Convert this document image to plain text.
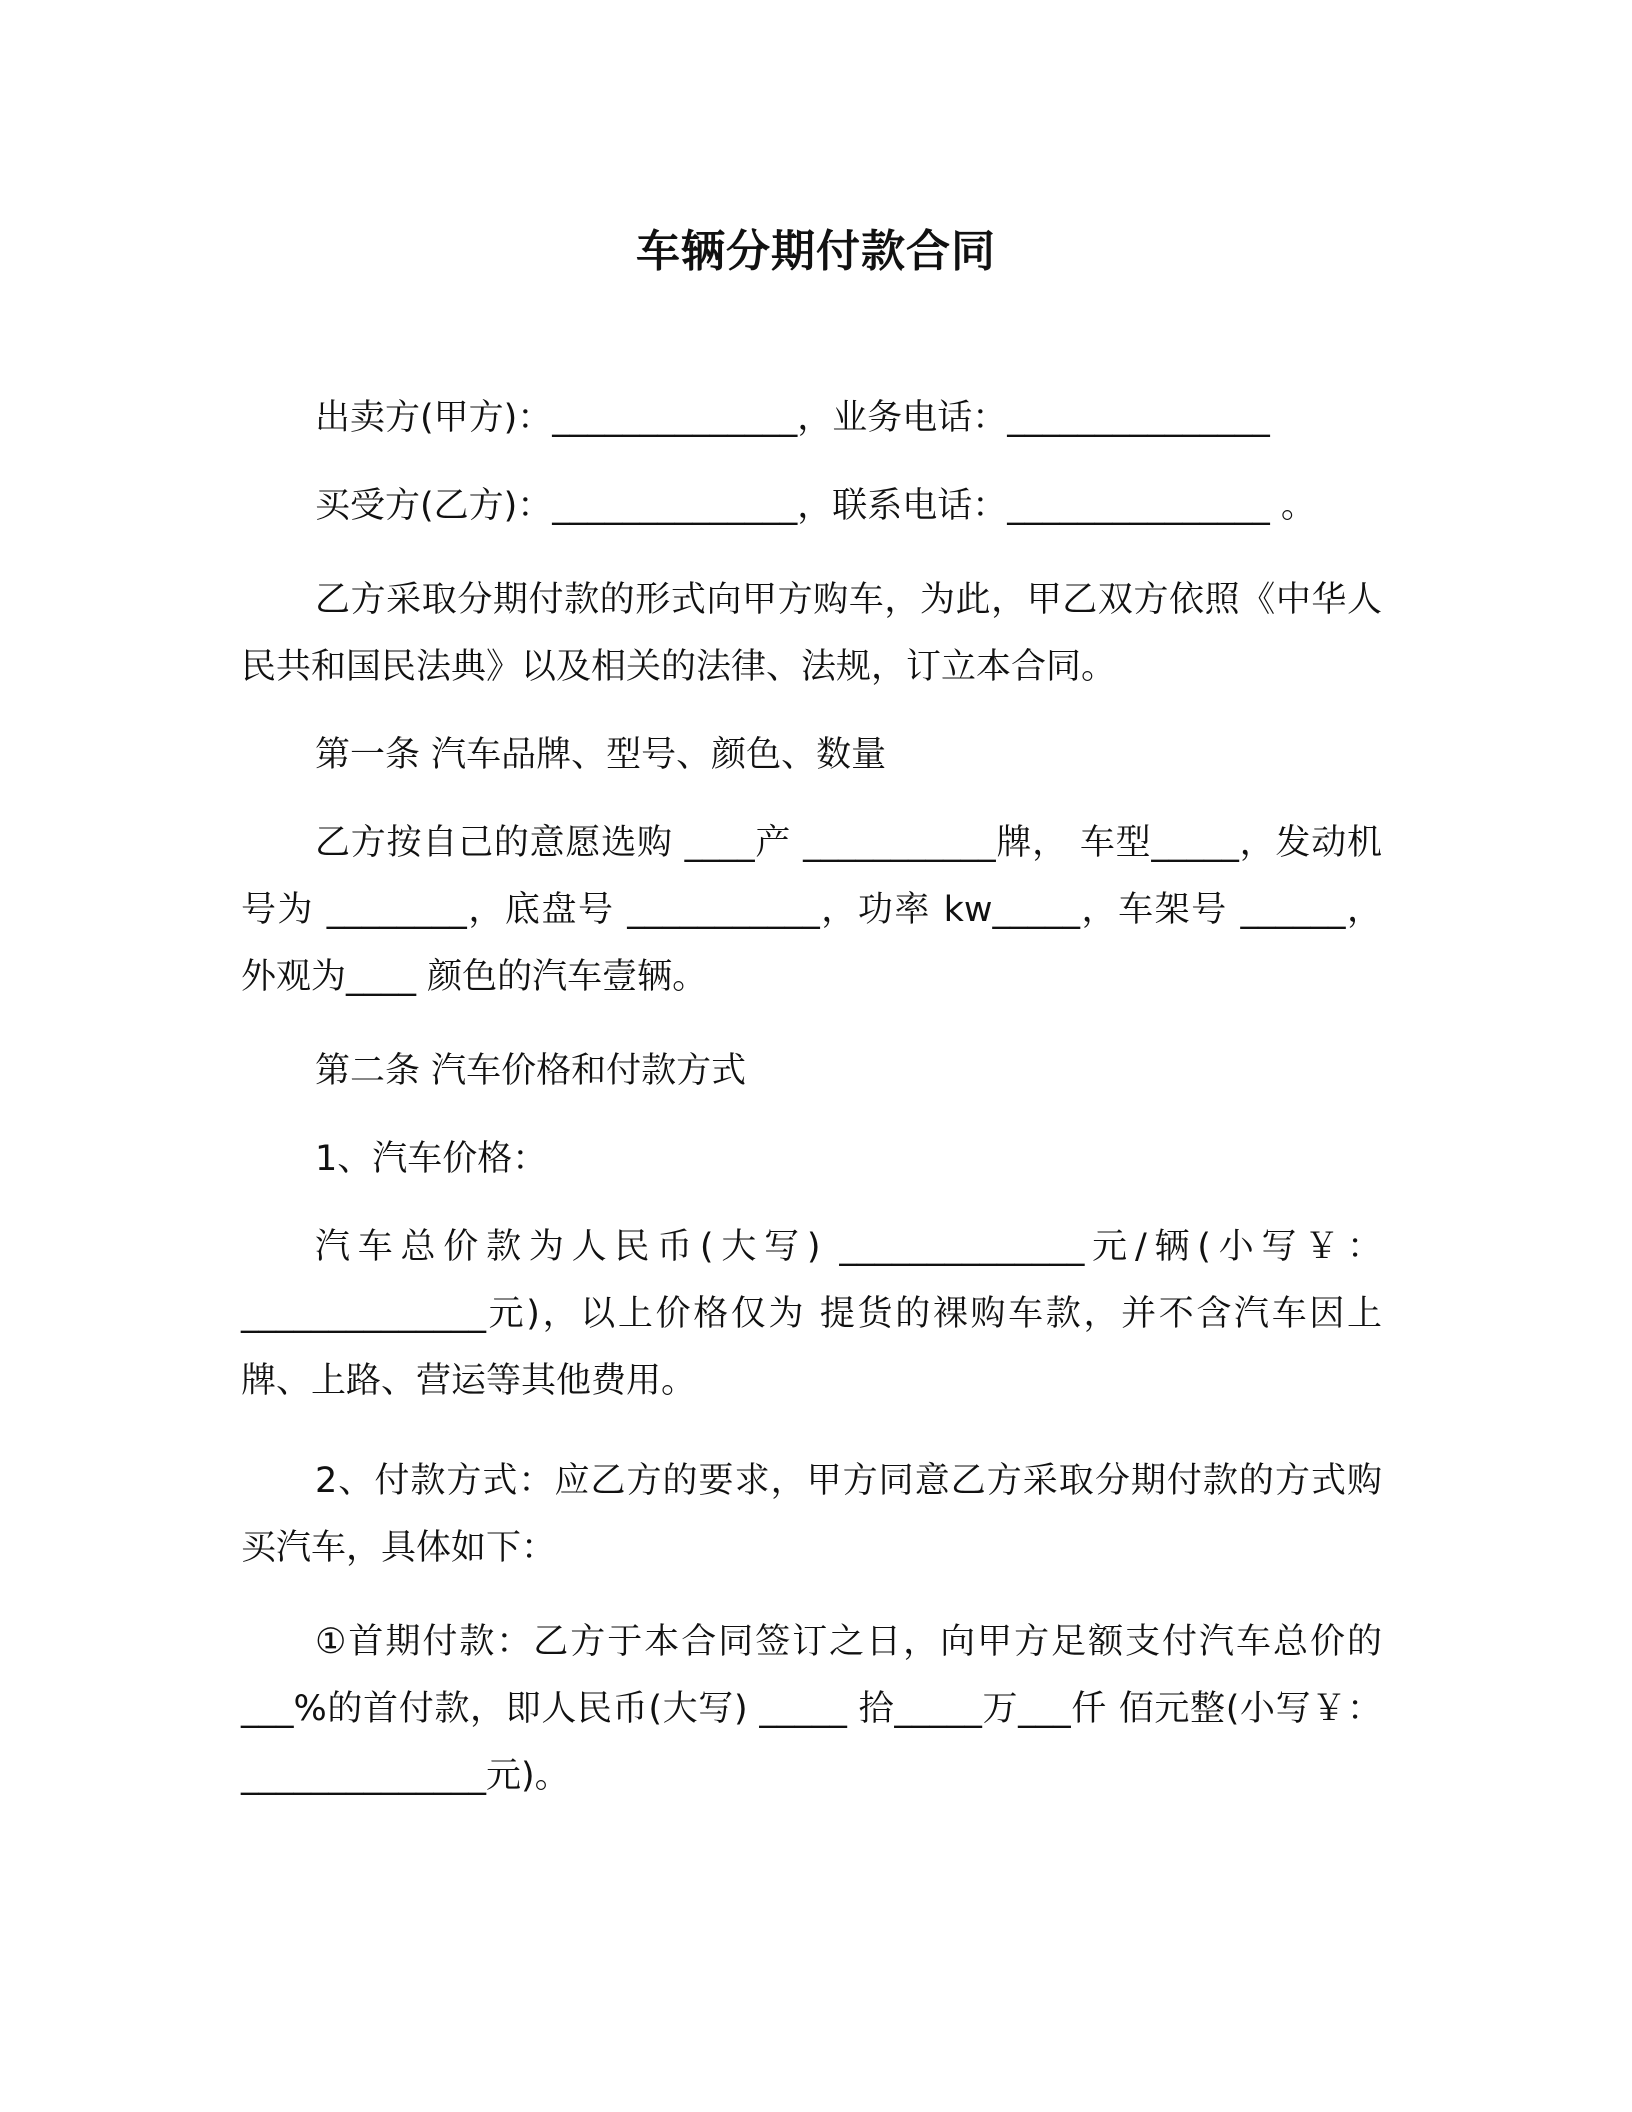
车辆分期付款合同

出卖方(甲方)：______________，业务电话：_______________

买受方(乙方)：______________，联系电话：_______________ 。

乙方采取分期付款的形式向甲方购车，为此，甲乙双方依照《中华人民共和国民法典》以及相关的法律、法规，订立本合同。

第一条 汽车品牌、型号、颜色、数量

乙方按自己的意愿选购 ____产 ___________牌， 车型_____，发动机号为 ________，底盘号 ___________，功率 kw_____，车架号 ______，外观为____ 颜色的汽车壹辆。

第二条 汽车价格和付款方式

1、汽车价格：

汽车总价款为人民币(大写) ______________元/辆(小写￥：______________元)，以上价格仅为 提货的裸购车款，并不含汽车因上牌、上路、营运等其他费用。

2、付款方式：应乙方的要求，甲方同意乙方采取分期付款的方式购买汽车，具体如下：

①首期付款：乙方于本合同签订之日，向甲方足额支付汽车总价的 ___%的首付款，即人民币(大写) _____ 拾_____万___仟 佰元整(小写￥：______________元)。
